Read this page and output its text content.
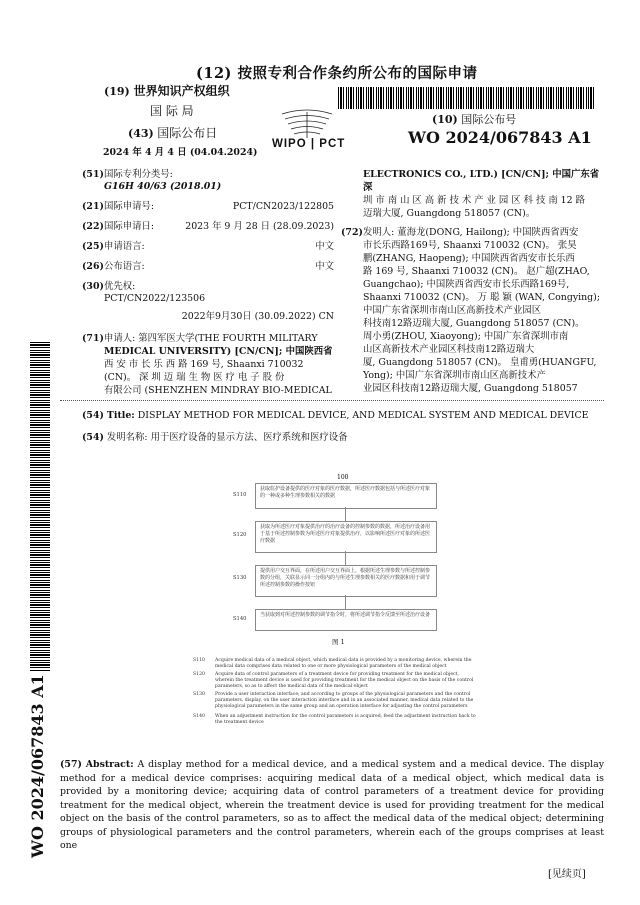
(12) 按照专利合作条约所公布的国际申请
(19) 世界知识产权组织
国 际 局
(43) 国际公布日
2024 年 4 月 4 日 (04.04.2024)
WIPO | PCT
(10) 国际公布号
WO 2024/067843 A1
(51) 国际专利分类号:
G16H 40/63 (2018.01)
(21) 国际申请号:	PCT/CN2023/122805
(22) 国际申请日:	2023 年 9 月 28 日 (28.09.2023)
(25) 申请语言:	中文
(26) 公布语言:	中文
(30) 优先权:
PCT/CN2022/123506
2022年9月30日 (30.09.2022) CN
(71) 申请人: 第四军医大学(THE FOURTH MILITARY
MEDICAL UNIVERSITY) [CN/CN]; 中国陕西省
西 安 市 长 乐 西 路 169 号, Shaanxi 710032
(CN)。 深 圳 迈 瑞 生 物 医 疗 电 子 股 份
有限公司 (SHENZHEN MINDRAY BIO-MEDICAL
ELECTRONICS CO., LTD.) [CN/CN]; 中国广东省深
圳 市 南 山 区 高 新 技 术 产 业 园 区 科 技 南 12 路
迈瑞大厦, Guangdong 518057 (CN)。
(72) 发明人: 董海龙(DONG, Hailong); 中国陕西省西安
市长乐西路169号, Shaanxi 710032 (CN)。 张昊
鹏(ZHANG, Haopeng); 中国陕西省西安市长乐西
路 169 号, Shaanxi 710032 (CN)。 赵广超(ZHAO,
Guangchao); 中国陕西省西安市长乐西路169号,
Shaanxi 710032 (CN)。 万 聪 颖 (WAN, Congying);
中国广东省深圳市南山区高新技术产业园区
科技南12路迈瑞大厦, Guangdong 518057 (CN)。
周小勇(ZHOU, Xiaoyong); 中国广东省深圳市南
山区高新技术产业园区科技南12路迈瑞大
厦, Guangdong 518057 (CN)。 皇甫勇(HUANGFU,
Yong); 中国广东省深圳市南山区高新技术产
业园区科技南12路迈瑞大厦, Guangdong 518057
(54) Title: DISPLAY METHOD FOR MEDICAL DEVICE, AND MEDICAL SYSTEM AND MEDICAL DEVICE
(54) 发明名称: 用于医疗设备的显示方法、医疗系统和医疗设备
100
S110
获取监护设备提供的医疗对象的医疗数据，所述医疗数据包括与所述医疗对象的一种或多种生理参数相关的数据
S120
获取为所述医疗对象提供治疗的治疗设备的控制参数的数据，所述治疗设备用于基于所述控制参数为所述医疗对象提供治疗，以影响所述医疗对象的所述医疗数据
S130
提供用户交互界面，在所述用户交互界面上，根据所述生理参数与所述控制参数的分组，关联显示同一分组内的与所述生理参数相关的医疗数据和用于调节所述控制参数的操作按钮
S140
当获取到对所述控制参数的调节指令时，将所述调节指令反馈至所述治疗设备
图 1
S110 Acquire medical data of a medical object, which medical data is provided by a monitoring device, wherein the medical data comprises data related to one or more physiological parameters of the medical object
S120 Acquire data of control parameters of a treatment device for providing treatment for the medical object, wherein the treatment device is used for providing treatment for the medical object on the basis of the control parameters, so as to affect the medical data of the medical object
S130 Provide a user interaction interface; and according to groups of the physiological parameters and the control parameters, display, on the user interaction interface and in an associated manner, medical data related to the physiological parameters in the same group and an operation interface for adjusting the control parameters
S140 When an adjustment instruction for the control parameters is acquired, feed the adjustment instruction back to the treatment device
(57) Abstract: A display method for a medical device, and a medical system and a medical device. The display method for a medical device comprises: acquiring medical data of a medical object, which medical data is provided by a monitoring device; acquiring data of control parameters of a treatment device for providing treatment for the medical object, wherein the treatment device is used for providing treatment for the medical object on the basis of the control parameters, so as to affect the medical data of the medical object; determining groups of physiological parameters and the control parameters, wherein each of the groups comprises at least one
WO 2024/067843 A1
[见续页]
